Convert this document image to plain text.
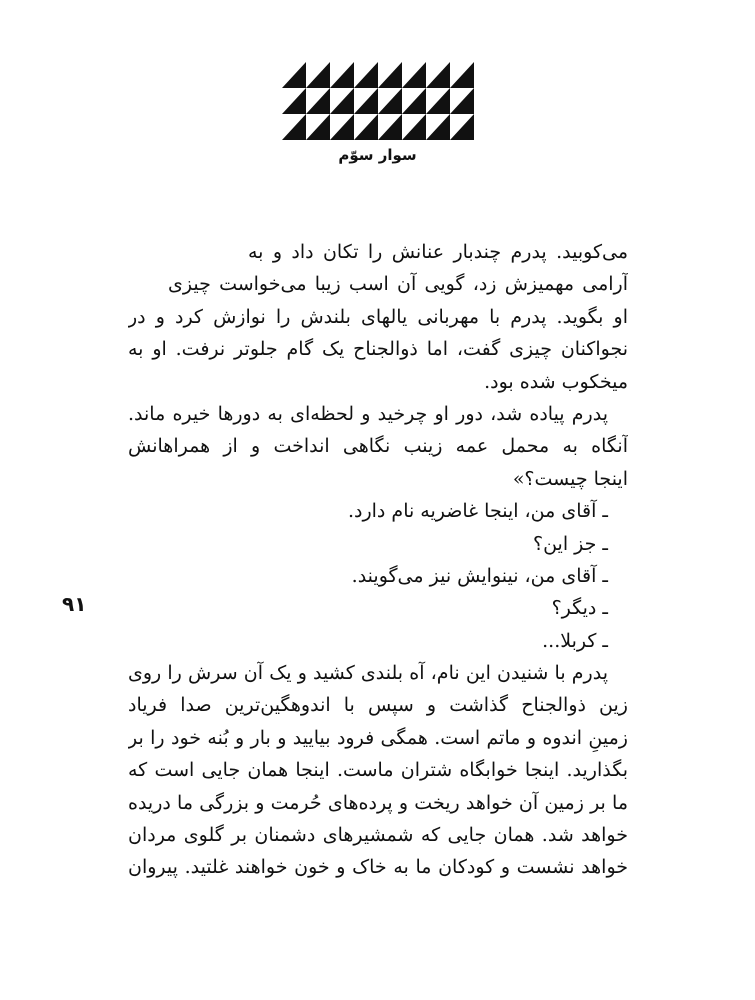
سوار سوّم
۹۱
می‌کوبید. پدرم چندبار عنانش را تکان داد و به
آرامی مهمیزش زد، گویی آن اسب زیبا می‌خواست چیزی
او بگوید. پدرم با مهربانی یالهای بلندش را نوازش کرد و در
نجواکنان چیزی گفت، اما ذوالجناح یک گام جلوتر نرفت. او به
میخکوب شده بود.
پدرم پیاده شد، دور او چرخید و لحظه‌ای به دورها خیره ماند.
آنگاه به محمل عمه زینب نگاهی انداخت و از همراهانش
اینجا چیست؟»
ـ آقای من، اینجا غاضریه نام دارد.
ـ جز این؟
ـ آقای من، نینوایش نیز می‌گویند.
ـ دیگر؟
ـ کربلا...
پدرم با شنیدن این نام، آه بلندی کشید و یک آن سرش را روی
زین ذوالجناح گذاشت و سپس با اندوهگین‌ترین صدا فریاد
زمینِ اندوه و ماتم است. همگی فرود بیایید و بار و بُنه خود را بر
بگذارید. اینجا خوابگاه شتران ماست. اینجا همان جایی است که
ما بر زمین آن خواهد ریخت و پرده‌های حُرمت و بزرگی ما دریده
خواهد شد. همان جایی که شمشیرهای دشمنان بر گلوی مردان
خواهد نشست و کودکان ما به خاک و خون خواهند غلتید. پیروان
